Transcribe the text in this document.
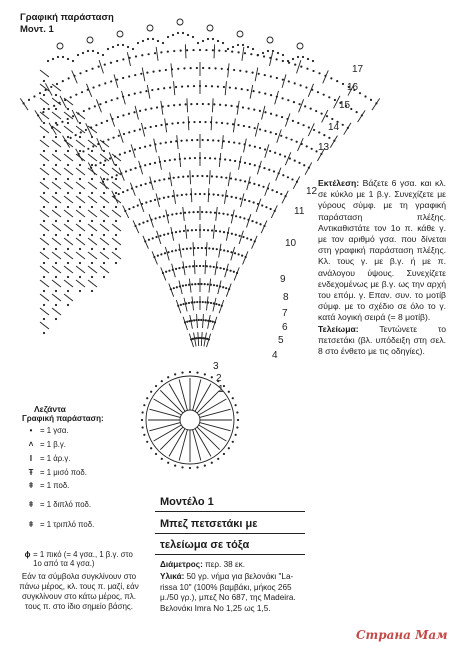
1
2
3
4
5
6
7
8
9
10
11
12
13
14
15
16
17
Γραφική παράσταση
Μοντ. 1
Εκτέλεση: Βάζετε 6 γσα. και κλ. σε κύκλο με 1 β.γ. Συνεχίζετε με γύρους σύμφ. με τη γραφική παράσταση πλέξης. Αντικαθιστάτε τον 1ο π. κάθε γ. με τον αριθμό γσα. που δίνεται στη γραφική παράσταση πλέξης. Κλ. τους γ. με β.γ. ή με π. ανάλογου ύψους. Συνεχίζετε ενδεχομένως με β.γ. ως την αρχή του επόμ. γ. Επαν. συν. το μοτίβ σύμφ. με το σχέδιο σε όλο το γ. κατά λογική σειρά (= 8 μοτίβ).
Τελείωμα: Τεντώνετε το πετσετάκι (βλ. υπόδειξη στη σελ. 8 στο ένθετο με τις οδηγίες).
Λεζάντα
Γραφική παράσταση:
• = 1 γσα.
˄ = 1 β.γ.
I	= 1 άρ.γ.
Ŧ = 1 μισό ποδ.
ǂ = 1 ποδ.
ǂ = 1 διπλό ποδ.
ǂ = 1 τριπλό ποδ.
ϕ = 1 πικό (= 4 γσα., 1 β.γ. στο 1ο από τα 4 γσα.)
Εάν τα σύμβολα συγκλίνουν στο πάνω μέρος, κλ. τους π. μαζί, εάν συγκλίνουν στο κάτω μέρος, πλ. τους π. στο ίδιο σημείο βάσης.
Μοντέλο 1
Μπεζ πετσετάκι με
τελείωμα σε τόξα
Διάμετρος: περ. 38 εκ.
Υλικά: 50 γρ. νήμα για βελονάκι "La-rissa 10" (100% βαμβάκι, μήκος 265 μ./50 γρ.), μπεζ Νο 687, της Madeira. Βελονάκι Imra Νο 1,25 ως 1,5.
Страна Мам
